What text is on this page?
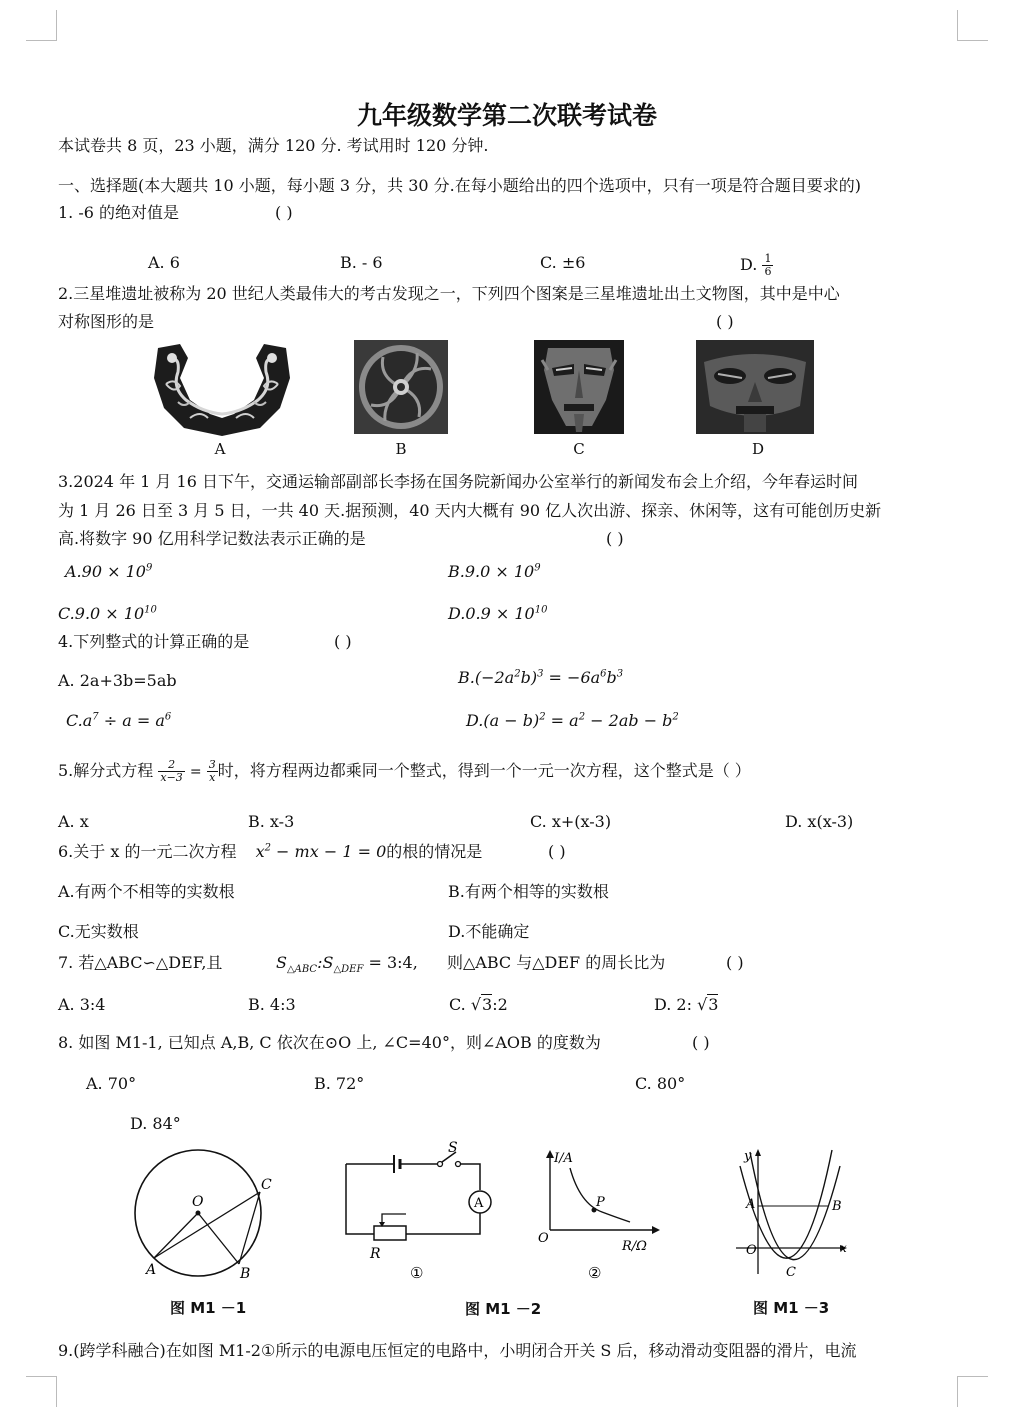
九年级数学第二次联考试卷
本试卷共 8 页，23 小题，满分 120 分. 考试用时 120 分钟.
一、选择题(本大题共 10 小题，每小题 3 分，共 30 分.在每小题给出的四个选项中，只有一项是符合题目要求的)
1. -6 的绝对值是	( )
A. 6	B. - 6	C. ±6	D. $\frac{1}{6}$
2.三星堆遗址被称为 20 世纪人类最伟大的考古发现之一，下列四个图案是三星堆遗址出土文物图，其中是中心
对称图形的是	( )
A	B	C	D
3.2024 年 1 月 16 日下午，交通运输部副部长李扬在国务院新闻办公室举行的新闻发布会上介绍，今年春运时间
为 1 月 26 日至 3 月 5 日，一共 40 天.据预测，40 天内大概有 90 亿人次出游、探亲、休闲等，这有可能创历史新
高.将数字 90 亿用科学记数法表示正确的是	( )
$A.90 \times 10^9$	$B.9.0 \times 10^9$
$C.9.0 \times 10^{10}$	$D.0.9 \times 10^{10}$
4.下列整式的计算正确的是	( )
A. 2a+3b=5ab	$B.(-2a^2b)^3 = -6a^6b^3$
$C.a^7 \div a = a^6$	$D.(a - b)^2 = a^2 - 2ab - b^2$
5.解分式方程 $\frac{2}{x-3} = \frac{3}{x}$ 时，将方程两边都乘同一个整式，得到一个一元一次方程，这个整式是（ ）
A. x	B. x-3	C. x+(x-3)	D. x(x-3)
6.关于 x 的一元二次方程 $x^2$ − mx − 1 = 0的根的情况是	( )
A.有两个不相等的实数根	B.有两个相等的实数根
C.无实数根	D.不能确定
7. 若△ABC∽△DEF,且	$S_{\triangle ABC}:S_{\triangle DEF}$ = 3:4, 则△ABC 与△DEF 的周长比为	( )
A. 3:4	B. 4:3	C. √3:2	D. 2: √3
8. 如图 M1-1, 已知点 A,B, C 依次在⊙O 上, ∠C=40°，则∠AOB 的度数为	( )
A. 70°	B. 72°	C. 80°
D. 84°
O
C
A	B
S
A
R
①
I/A
P
O
R/Ω
②
y
x
A	B
O
C
图 M1 －1	图 M1 －2	图 M1 －3
9.(跨学科融合)在如图 M1-2①所示的电源电压恒定的电路中，小明闭合开关 S 后，移动滑动变阻器的滑片，电流
